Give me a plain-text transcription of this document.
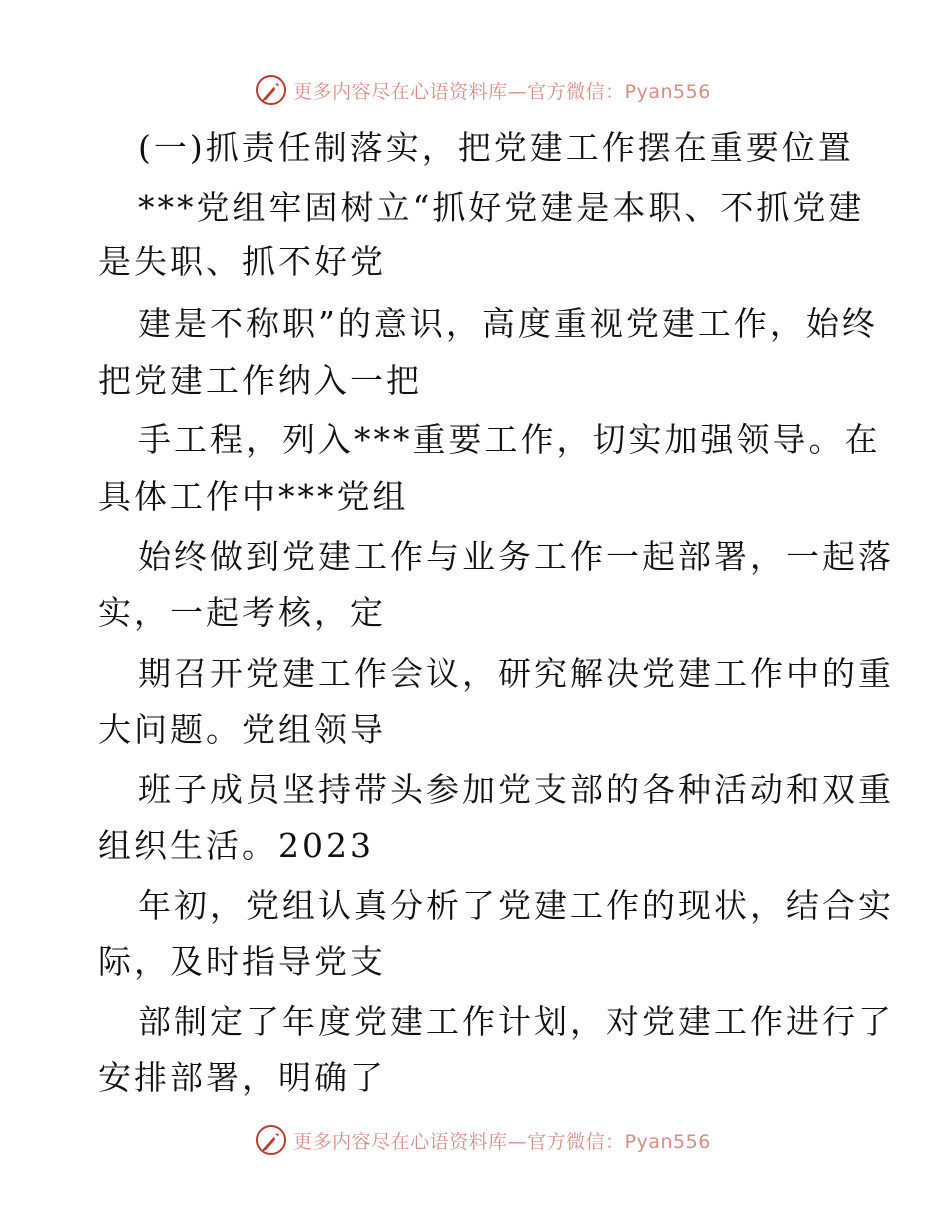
更多内容尽在心语资料库—官方微信：Pyan556
(一)抓责任制落实，把党建工作摆在重要位置
***党组牢固树立“抓好党建是本职、不抓党建
是失职、抓不好党
建是不称职”的意识，高度重视党建工作，始终
把党建工作纳入一把
手工程，列入***重要工作，切实加强领导。在
具体工作中***党组
始终做到党建工作与业务工作一起部署，一起落
实，一起考核，定
期召开党建工作会议，研究解决党建工作中的重
大问题。党组领导
班子成员坚持带头参加党支部的各种活动和双重
组织生活。2023
年初，党组认真分析了党建工作的现状，结合实
际，及时指导党支
部制定了年度党建工作计划，对党建工作进行了
安排部署，明确了
更多内容尽在心语资料库—官方微信：Pyan556
